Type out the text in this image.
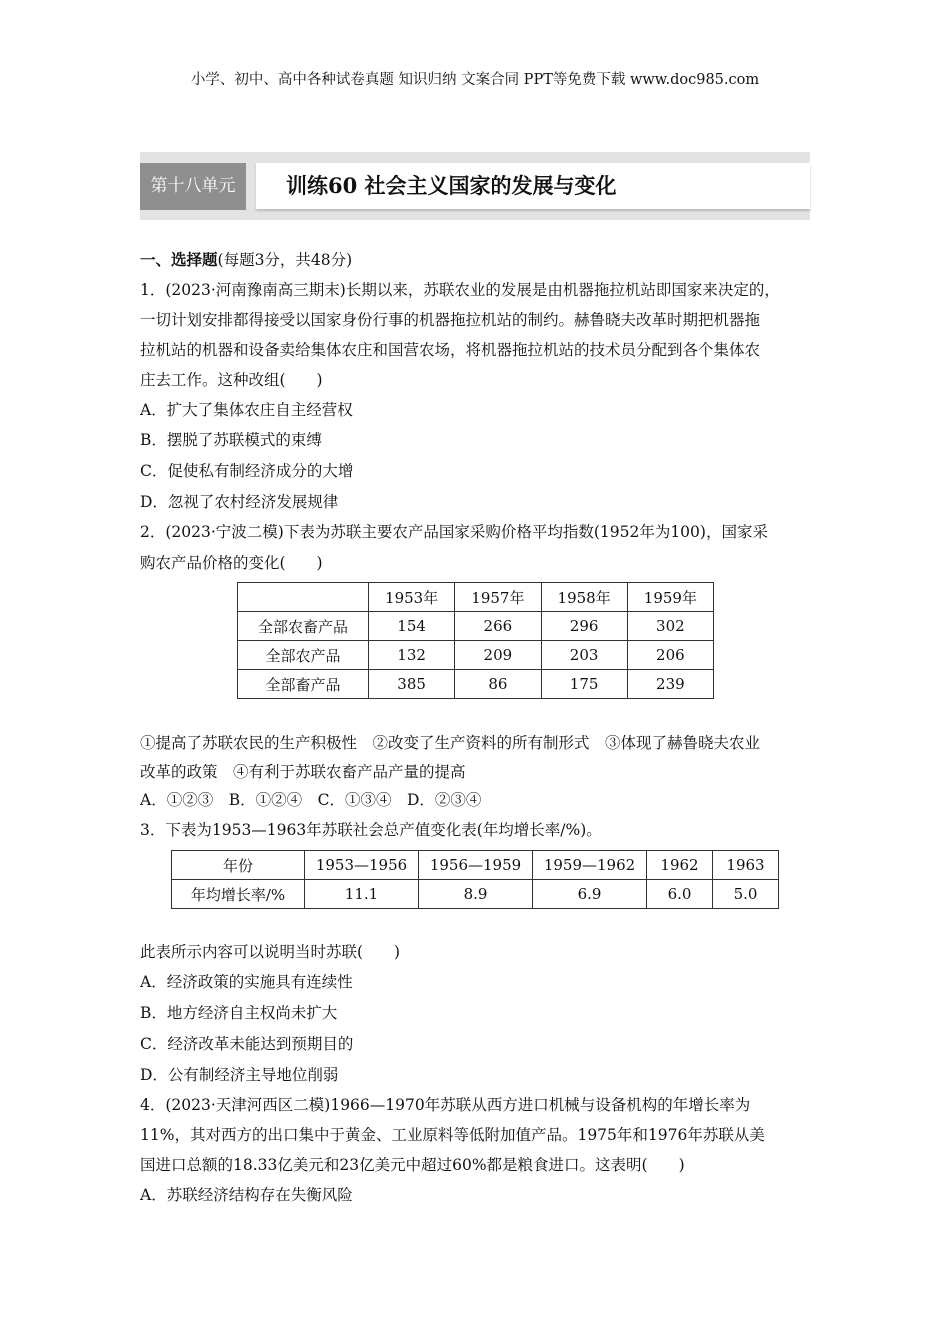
小学、初中、高中各种试卷真题 知识归纳 文案合同 PPT等免费下载 www.doc985.com
第十八单元	训练60 社会主义国家的发展与变化
一、选择题(每题3分，共48分)
1．(2023·河南豫南高三期末)长期以来，苏联农业的发展是由机器拖拉机站即国家来决定的，
一切计划安排都得接受以国家身份行事的机器拖拉机站的制约。赫鲁晓夫改革时期把机器拖
拉机站的机器和设备卖给集体农庄和国营农场，将机器拖拉机站的技术员分配到各个集体农
庄去工作。这种改组(　　)
A．扩大了集体农庄自主经营权
B．摆脱了苏联模式的束缚
C．促使私有制经济成分的大增
D．忽视了农村经济发展规律
2．(2023·宁波二模)下表为苏联主要农产品国家采购价格平均指数(1952年为100)，国家采
购农产品价格的变化(　　)
	1953年	1957年	1958年	1959年
全部农畜产品	154	266	296	302
全部农产品	132	209	203	206
全部畜产品	385	86	175	239
①提高了苏联农民的生产积极性　②改变了生产资料的所有制形式　③体现了赫鲁晓夫农业
改革的政策　④有利于苏联农畜产品产量的提高
A．①②③　B．①②④　C．①③④　D．②③④
3．下表为1953—1963年苏联社会总产值变化表(年均增长率/%)。
年份	1953—1956	1956—1959	1959—1962	1962	1963
年均增长率/%	11.1	8.9	6.9	6.0	5.0
此表所示内容可以说明当时苏联(　　)
A．经济政策的实施具有连续性
B．地方经济自主权尚未扩大
C．经济改革未能达到预期目的
D．公有制经济主导地位削弱
4．(2023·天津河西区二模)1966—1970年苏联从西方进口机械与设备机构的年增长率为
11%，其对西方的出口集中于黄金、工业原料等低附加值产品。1975年和1976年苏联从美
国进口总额的18.33亿美元和23亿美元中超过60%都是粮食进口。这表明(　　)
A．苏联经济结构存在失衡风险
